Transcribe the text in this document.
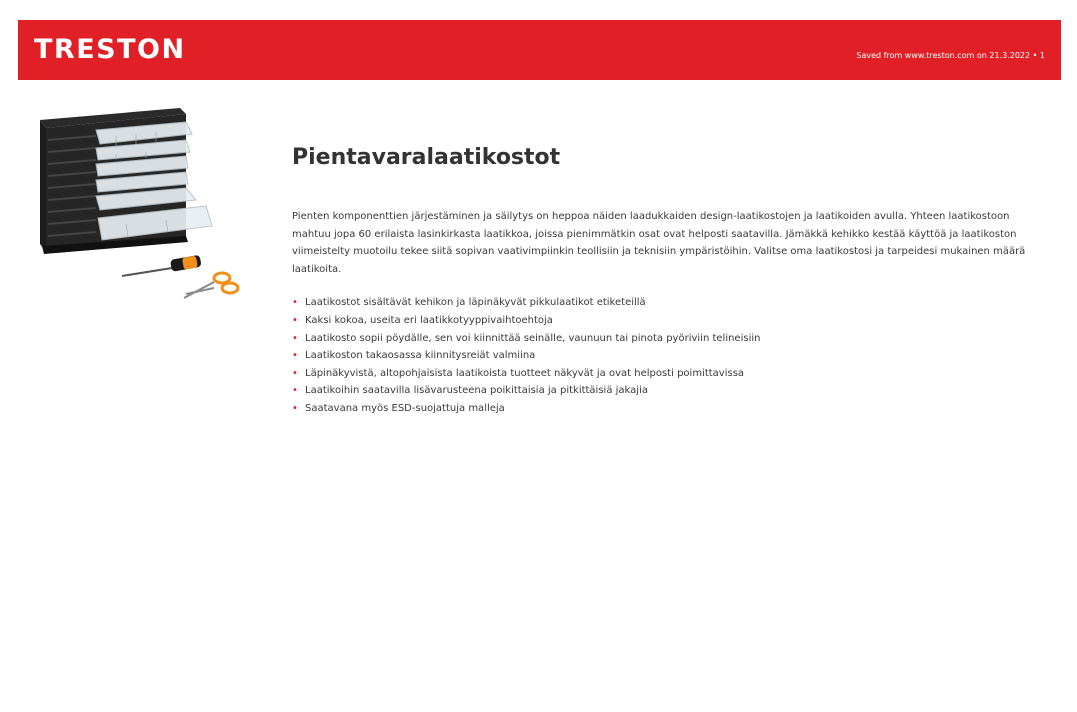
TRESTON	Saved from www.treston.com on 21.3.2022 • 1
Pientavaralaatikostot

Pienten komponenttien järjestäminen ja säilytys on heppoa näiden laadukkaiden design-laatikostojen ja laatikoiden avulla. Yhteen laatikostoon mahtuu jopa 60 erilaista lasinkirkasta laatikkoa, joissa pienimmätkin osat ovat helposti saatavilla. Jämäkkä kehikko kestää käyttöä ja laatikoston viimeistelty muotoilu tekee siitä sopivan vaativimpiinkin teollisiin ja teknisiin ympäristöihin. Valitse oma laatikostosi ja tarpeidesi mukainen määrä laatikoita.

• Laatikostot sisältävät kehikon ja läpinäkyvät pikkulaatikot etiketeillä
• Kaksi kokoa, useita eri laatikkotyyppivaihtoehtoja
• Laatikosto sopii pöydälle, sen voi kiinnittää seinälle, vaunuun tai pinota pyöriviin telineisiin
• Laatikoston takaosassa kiinnitysreiät valmiina
• Läpinäkyvistä, altopohjaisista laatikoista tuotteet näkyvät ja ovat helposti poimittavissa
• Laatikoihin saatavilla lisävarusteena poikittaisia ja pitkittäisiä jakajia
• Saatavana myös ESD-suojattuja malleja
